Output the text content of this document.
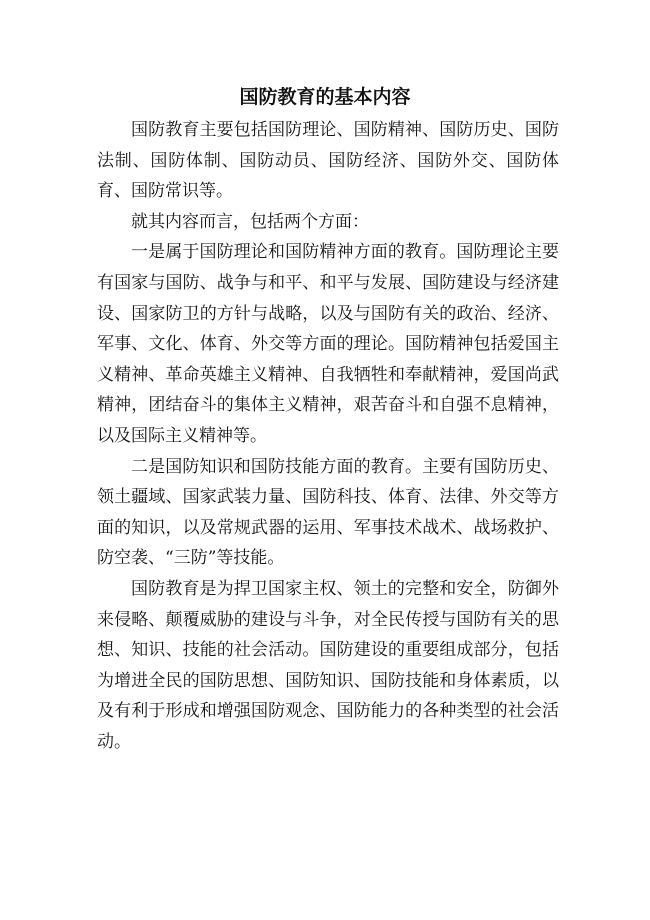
国防教育的基本内容

国防教育主要包括国防理论、国防精神、国防历史、国防法制、国防体制、国防动员、国防经济、国防外交、国防体育、国防常识等。

就其内容而言，包括两个方面：

一是属于国防理论和国防精神方面的教育。国防理论主要有国家与国防、战争与和平、和平与发展、国防建设与经济建设、国家防卫的方针与战略，以及与国防有关的政治、经济、军事、文化、体育、外交等方面的理论。国防精神包括爱国主义精神、革命英雄主义精神、自我牺牲和奉献精神，爱国尚武精神，团结奋斗的集体主义精神，艰苦奋斗和自强不息精神，以及国际主义精神等。

二是国防知识和国防技能方面的教育。主要有国防历史、领土疆域、国家武装力量、国防科技、体育、法律、外交等方面的知识，以及常规武器的运用、军事技术战术、战场救护、防空袭、“三防”等技能。

国防教育是为捍卫国家主权、领土的完整和安全，防御外来侵略、颠覆威胁的建设与斗争，对全民传授与国防有关的思想、知识、技能的社会活动。国防建设的重要组成部分，包括为增进全民的国防思想、国防知识、国防技能和身体素质，以及有利于形成和增强国防观念、国防能力的各种类型的社会活动。
